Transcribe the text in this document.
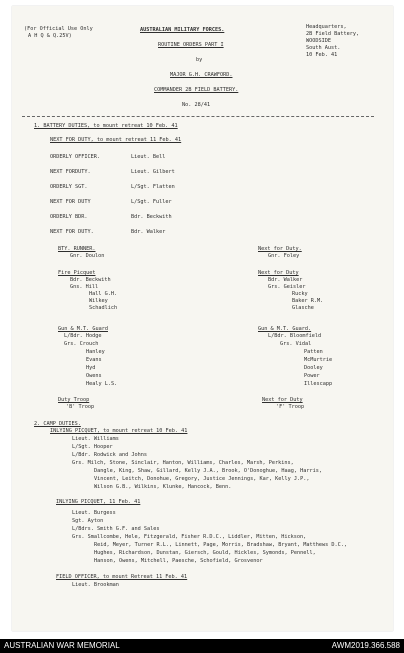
(For Official Use Only
A H Q & Q.25V)
AUSTRALIAN MILITARY FORCES.
ROUTINE ORDERS PART I
by
MAJOR G.H. CRAWFORD.
COMMANDER 2B FIELD BATTERY.
No. 28/41
Headquarters,
2B Field Battery,
WOODSIDE
South Aust.
10 Feb. 41
1. BATTERY DUTIES, to mount retreat 10 Feb. 41
NEXT FOR DUTY, to mount retreat 11 Feb. 41
ORDERLY OFFICER.	Lieut. Bell
NEXT FORDUTY.	Lieut. Gilbert
ORDERLY SGT.	L/Sgt. Flatten
NEXT FOR DUTY	L/Sgt. Fuller
ORDERLY BDR.	Bdr. Beckwith
NEXT FOR DUTY.	Bdr. Walker
BTY. RUNNER.
Gnr. Doulon
Next for Duty.
Gnr. Foley
Fire Picquet
Bdr. Beckwith
Gns. Hill
Hall G.H.
Wilkey
Schadlich
Next for Duty
Bdr. Walker
Grs. Geisler
Rucky
Baker R.M.
Glasche
Gun & M.T. Guard
L/Bdr. Hodge
Grs. Crouch
Hanley
Evans
Hyd
Owens
Healy L.S.
Gun & M.T. Guard.
L/Bdr. Bloomfield
Grs. Vidal
Patten
McMurtrie
Dooley
Power
Illescapp
Duty Troop
'B' Troop
Next for Duty
'F' Troop
2. CAMP DUTIES.
INLYING PICQUET, to mount retreat 10 Feb. 41
Lieut. Williams
L/Sgt. Hooper
L/Bdr. Rodwick and Johns
Grs. Milch, Stone, Sinclair, Hanton, Williams, Charles, Marsh, Perkins,
Dangle, King, Shaw, Gillard, Kelly J.A., Brook, O'Donoghue, Haag, Harris,
Vincent, Leitch, Donohue, Gregory, Justice Jennings, Kar, Kelly J.P.,
Wilson G.B., Wilkins, Klunke, Hancock, Benn.
INLYING PICQUET, 11 Feb. 41
Lieut. Burgess
Sgt. Ayton
L/Bdrs. Smith G.F. and Sales
Grs. Smallcombe, Hele, Fitzgerald, Fisher R.D.C., Liddler, Mitten, Hickson,
Reid, Meyer, Turner R.L., Linnett, Page, Morris, Bradshaw, Bryant, Matthews D.C.,
Hughes, Richardson, Dunstan, Giersch, Gould, Hickles, Symonds, Pennell,
Hanson, Owens, Mitchell, Paesche, Schofield, Grosvenor
FIELD OFFICER, to mount Retreat 11 Feb. 41
Lieut. Brookman
AUSTRALIAN WAR MEMORIAL	AWM2019.366.588
